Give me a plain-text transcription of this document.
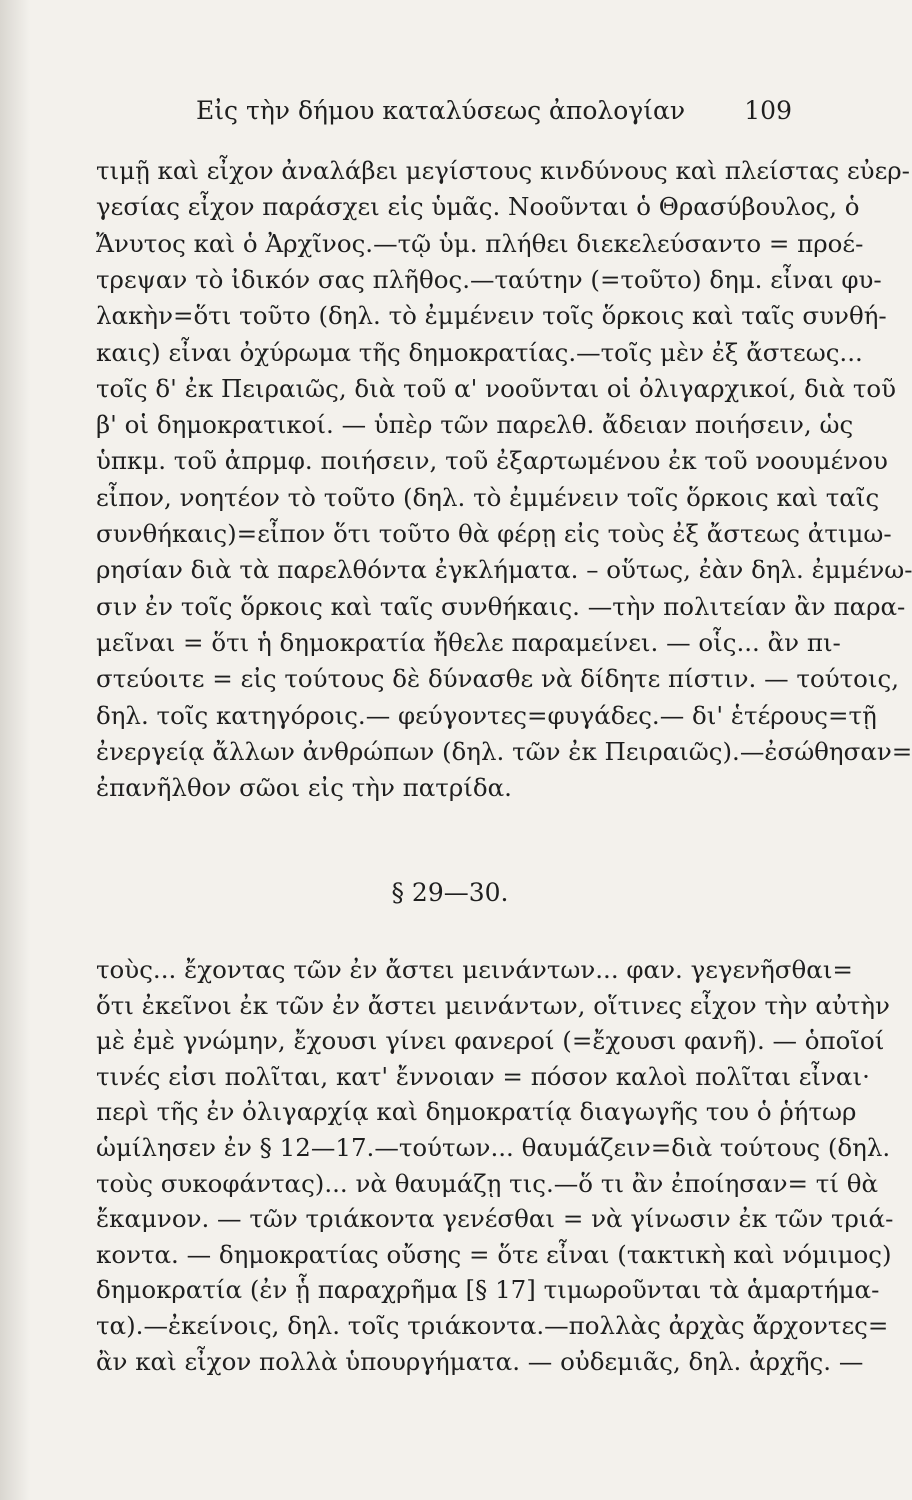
Εἰς τὴν δήμου καταλύσεως ἀπολογίαν 109
τιμῇ καὶ εἶχον ἀναλάβει μεγίστους κινδύνους καὶ πλείστας εὐερ-
γεσίας εἶχον παράσχει εἰς ὑμᾶς. Νοοῦνται ὁ Θρασύβουλος, ὁ
Ἄνυτος καὶ ὁ Ἀρχῖνος.—τῷ ὑμ. πλήθει διεκελεύσαντο = προέ-
τρεψαν τὸ ἰδικόν σας πλῆθος.—ταύτην (=τοῦτο) δημ. εἶναι φυ-
λακὴν=ὅτι τοῦτο (δηλ. τὸ ἐμμένειν τοῖς ὅρκοις καὶ ταῖς συνθή-
καις) εἶναι ὀχύρωμα τῆς δημοκρατίας.—τοῖς μὲν ἐξ ἄστεως...
τοῖς δ' ἐκ Πειραιῶς, διὰ τοῦ α' νοοῦνται οἱ ὀλιγαρχικοί, διὰ τοῦ
β' οἱ δημοκρατικοί. — ὑπὲρ τῶν παρελθ. ἄδειαν ποιήσειν, ὡς
ὑπκμ. τοῦ ἀπρμφ. ποιήσειν, τοῦ ἐξαρτωμένου ἐκ τοῦ νοουμένου
εἶπον, νοητέον τὸ τοῦτο (δηλ. τὸ ἐμμένειν τοῖς ὅρκοις καὶ ταῖς
συνθήκαις)=εἶπον ὅτι τοῦτο θὰ φέρῃ εἰς τοὺς ἐξ ἄστεως ἀτιμω-
ρησίαν διὰ τὰ παρελθόντα ἐγκλήματα. – οὕτως, ἐὰν δηλ. ἐμμένω-
σιν ἐν τοῖς ὅρκοις καὶ ταῖς συνθήκαις. —τὴν πολιτείαν ἂν παρα-
μεῖναι = ὅτι ἡ δημοκρατία ἤθελε παραμείνει. — οἷς... ἂν πι-
στεύοιτε = εἰς τούτους δὲ δύνασθε νὰ δίδητε πίστιν. — τούτοις,
δηλ. τοῖς κατηγόροις.— φεύγοντες=φυγάδες.— δι' ἑτέρους=τῇ
ἐνεργείᾳ ἄλλων ἀνθρώπων (δηλ. τῶν ἐκ Πειραιῶς).—ἐσώθησαν=
ἐπανῆλθον σῶοι εἰς τὴν πατρίδα.
§ 29—30.
τοὺς... ἔχοντας τῶν ἐν ἄστει μεινάντων... φαν. γεγενῆσθαι=
ὅτι ἐκεῖνοι ἐκ τῶν ἐν ἄστει μεινάντων, οἵτινες εἶχον τὴν αὐτὴν
μὲ ἐμὲ γνώμην, ἔχουσι γίνει φανεροί (=ἔχουσι φανῆ). — ὁποῖοί
τινές εἰσι πολῖται, κατ' ἔννοιαν = πόσον καλοὶ πολῖται εἶναι·
περὶ τῆς ἐν ὀλιγαρχίᾳ καὶ δημοκρατίᾳ διαγωγῆς του ὁ ῥήτωρ
ὡμίλησεν ἐν § 12—17.—τούτων... θαυμάζειν=διὰ τούτους (δηλ.
τοὺς συκοφάντας)... νὰ θαυμάζῃ τις.—ὅ τι ἂν ἐποίησαν= τί θὰ
ἔκαμνον. — τῶν τριάκοντα γενέσθαι = νὰ γίνωσιν ἐκ τῶν τριά-
κοντα. — δημοκρατίας οὔσης = ὅτε εἶναι (τακτικὴ καὶ νόμιμος)
δημοκρατία (ἐν ᾗ παραχρῆμα [§ 17] τιμωροῦνται τὰ ἁμαρτήμα-
τα).—ἐκείνοις, δηλ. τοῖς τριάκοντα.—πολλὰς ἀρχὰς ἄρχοντες=
ἂν καὶ εἶχον πολλὰ ὑπουργήματα. — οὐδεμιᾶς, δηλ. ἀρχῆς. —
